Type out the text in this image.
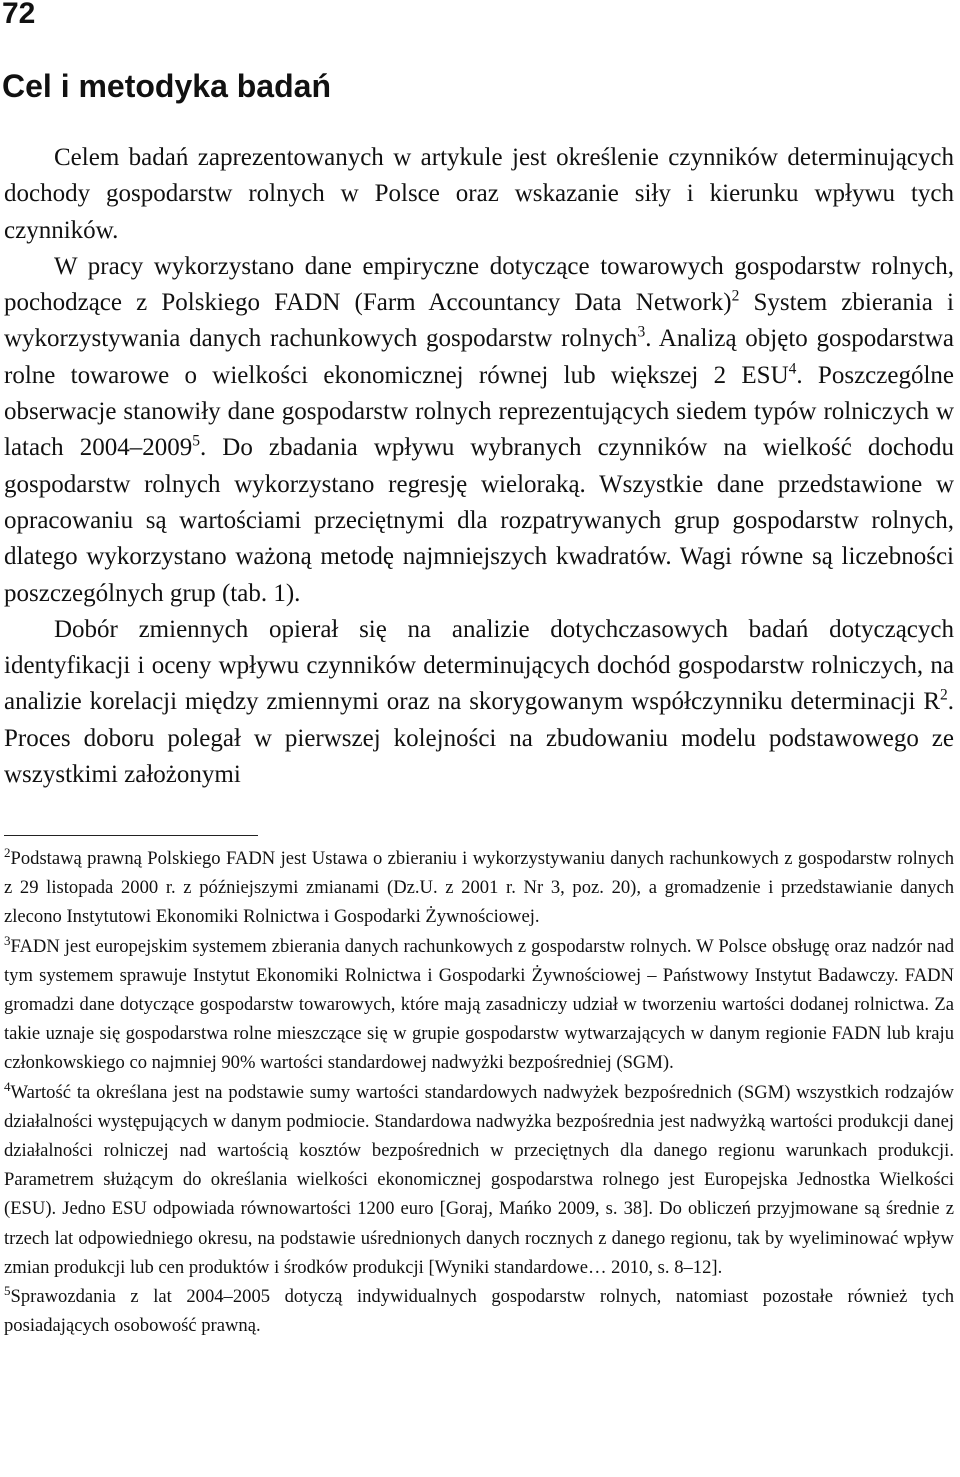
72
Cel i metodyka badań

Celem badań zaprezentowanych w artykule jest określenie czynników determinujących dochody gospodarstw rolnych w Polsce oraz wskazanie siły i kierunku wpływu tych czynników.

W pracy wykorzystano dane empiryczne dotyczące towarowych gospodarstw rolnych, pochodzące z Polskiego FADN (Farm Accountancy Data Network)$^2$ System zbierania i wykorzystywania danych rachunkowych gospodarstw rolnych$^3$. Analizą objęto gospodarstwa rolne towarowe o wielkości ekonomicznej równej lub większej 2 ESU$^4$. Poszczególne obserwacje stanowiły dane gospodarstw rolnych reprezentujących siedem typów rolniczych w latach 2004–2009$^5$. Do zbadania wpływu wybranych czynników na wielkość dochodu gospodarstw rolnych wykorzystano regresję wieloraką. Wszystkie dane przedstawione w opracowaniu są wartościami przeciętnymi dla rozpatrywanych grup gospodarstw rolnych, dlatego wykorzystano ważoną metodę najmniejszych kwadratów. Wagi równe są liczebności poszczególnych grup (tab. 1).

Dobór zmiennych opierał się na analizie dotychczasowych badań dotyczących identyfikacji i oceny wpływu czynników determinujących dochód gospodarstw rolniczych, na analizie korelacji między zmiennymi oraz na skorygowanym współczynniku determinacji $R^2$. Proces doboru polegał w pierwszej kolejności na zbudowaniu modelu podstawowego ze wszystkimi założonymi

$^2$Podstawą prawną Polskiego FADN jest Ustawa o zbieraniu i wykorzystywaniu danych rachunkowych z gospodarstw rolnych z 29 listopada 2000 r. z późniejszymi zmianami (Dz.U. z 2001 r. Nr 3, poz. 20), a gromadzenie i przedstawianie danych zlecono Instytutowi Ekonomiki Rolnictwa i Gospodarki Żywnościowej.

$^3$FADN jest europejskim systemem zbierania danych rachunkowych z gospodarstw rolnych. W Polsce obsługę oraz nadzór nad tym systemem sprawuje Instytut Ekonomiki Rolnictwa i Gospodarki Żywnościowej – Państwowy Instytut Badawczy. FADN gromadzi dane dotyczące gospodarstw towarowych, które mają zasadniczy udział w tworzeniu wartości dodanej rolnictwa. Za takie uznaje się gospodarstwa rolne mieszczące się w grupie gospodarstw wytwarzających w danym regionie FADN lub kraju członkowskiego co najmniej 90% wartości standardowej nadwyżki bezpośredniej (SGM).

$^4$Wartość ta określana jest na podstawie sumy wartości standardowych nadwyżek bezpośrednich (SGM) wszystkich rodzajów działalności występujących w danym podmiocie. Standardowa nadwyżka bezpośrednia jest nadwyżką wartości produkcji danej działalności rolniczej nad wartością kosztów bezpośrednich w przeciętnych dla danego regionu warunkach produkcji. Parametrem służącym do określania wielkości ekonomicznej gospodarstwa rolnego jest Europejska Jednostka Wielkości (ESU). Jedno ESU odpowiada równowartości 1200 euro [Goraj, Mańko 2009, s. 38]. Do obliczeń przyjmowane są średnie z trzech lat odpowiedniego okresu, na podstawie uśrednionych danych rocznych z danego regionu, tak by wyeliminować wpływ zmian produkcji lub cen produktów i środków produkcji [Wyniki standardowe… 2010, s. 8–12].

$^5$Sprawozdania z lat 2004–2005 dotyczą indywidualnych gospodarstw rolnych, natomiast pozostałe również tych posiadających osobowość prawną.
